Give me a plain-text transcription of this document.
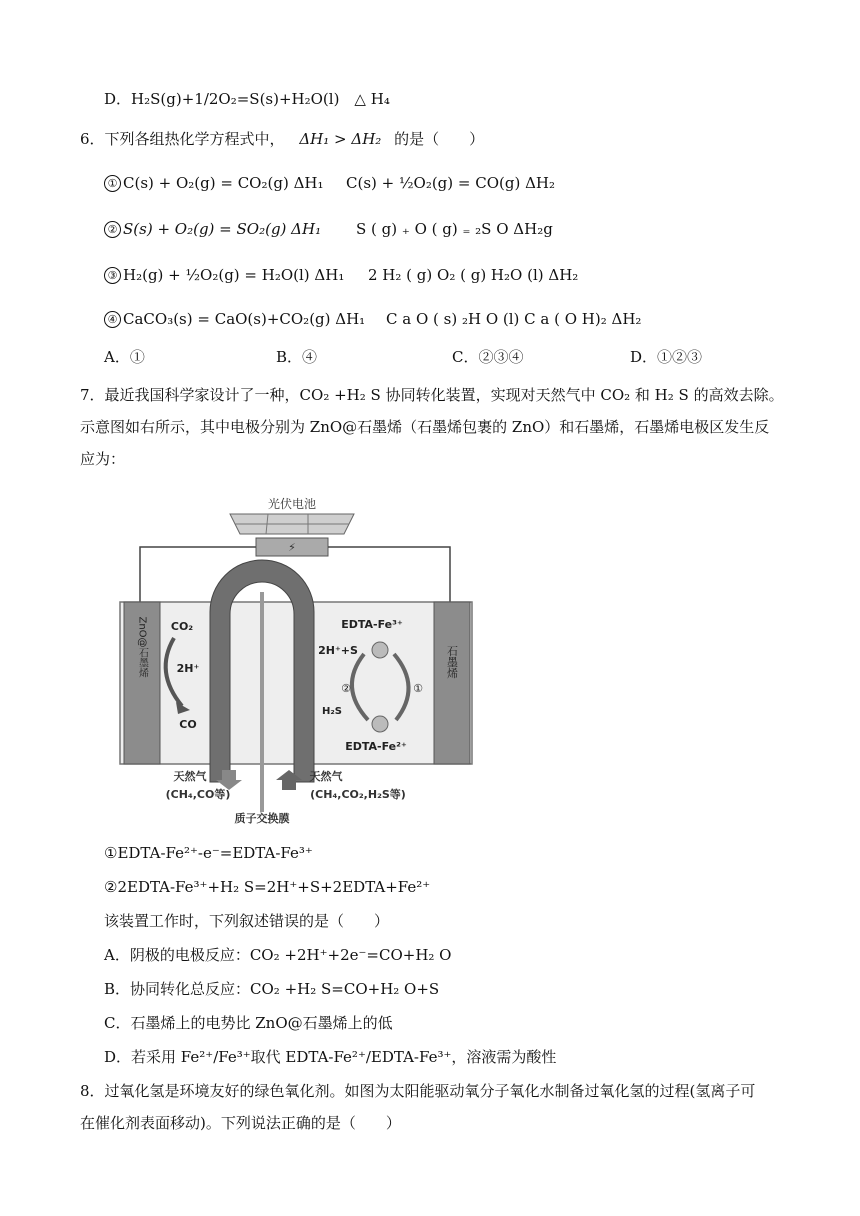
D．H₂S(g)+1/2O₂=S(s)+H₂O(l)　△ H₄
6．下列各组热化学方程式中， ΔH₁ > ΔH₂ 的是（　　）
① C(s) + O₂(g) = CO₂(g) ΔH₁ C(s) + ½O₂(g) = CO(g) ΔH₂
② S(s) + O₂(g) = SO₂(g) ΔH₁ S ( g) ₊ O ( g) ₌ ₂S O ΔH₂g
③ H₂(g) + ½O₂(g) = H₂O(l) ΔH₁ 2 H₂ ( g) O₂ ( g) H₂O (l) ΔH₂
④ CaCO₃(s) = CaO(s)+CO₂(g) ΔH₁ C a O ( s) ₂H O (l) C a ( O H)₂ ΔH₂
A．①	B．④	C．②③④	D．①②③
7．最近我国科学家设计了一种，CO₂ +H₂ S 协同转化装置，实现对天然气中 CO₂ 和 H₂ S 的高效去除。
示意图如右所示，其中电极分别为 ZnO@石墨烯（石墨烯包裹的 ZnO）和石墨烯，石墨烯电极区发生反
应为：
⚡
光伏电池
ZnO@石墨烯	石墨烯
CO₂
2H⁺
CO
EDTA-Fe³⁺
2H⁺+S
②	①
H₂S
EDTA-Fe²⁺
天然气
(CH₄,CO等)
天然气
(CH₄,CO₂,H₂S等)
质子交换膜
①EDTA-Fe²⁺-e⁻=EDTA-Fe³⁺
②2EDTA-Fe³⁺+H₂ S=2H⁺+S+2EDTA+Fe²⁺
该装置工作时，下列叙述错误的是（　　）
A．阴极的电极反应：CO₂ +2H⁺+2e⁻=CO+H₂ O
B．协同转化总反应：CO₂ +H₂ S=CO+H₂ O+S
C．石墨烯上的电势比 ZnO@石墨烯上的低
D．若采用 Fe²⁺/Fe³⁺取代 EDTA-Fe²⁺/EDTA-Fe³⁺，溶液需为酸性
8．过氧化氢是环境友好的绿色氧化剂。如图为太阳能驱动氧分子氧化水制备过氧化氢的过程(氢离子可
在催化剂表面移动)。下列说法正确的是（　　）
